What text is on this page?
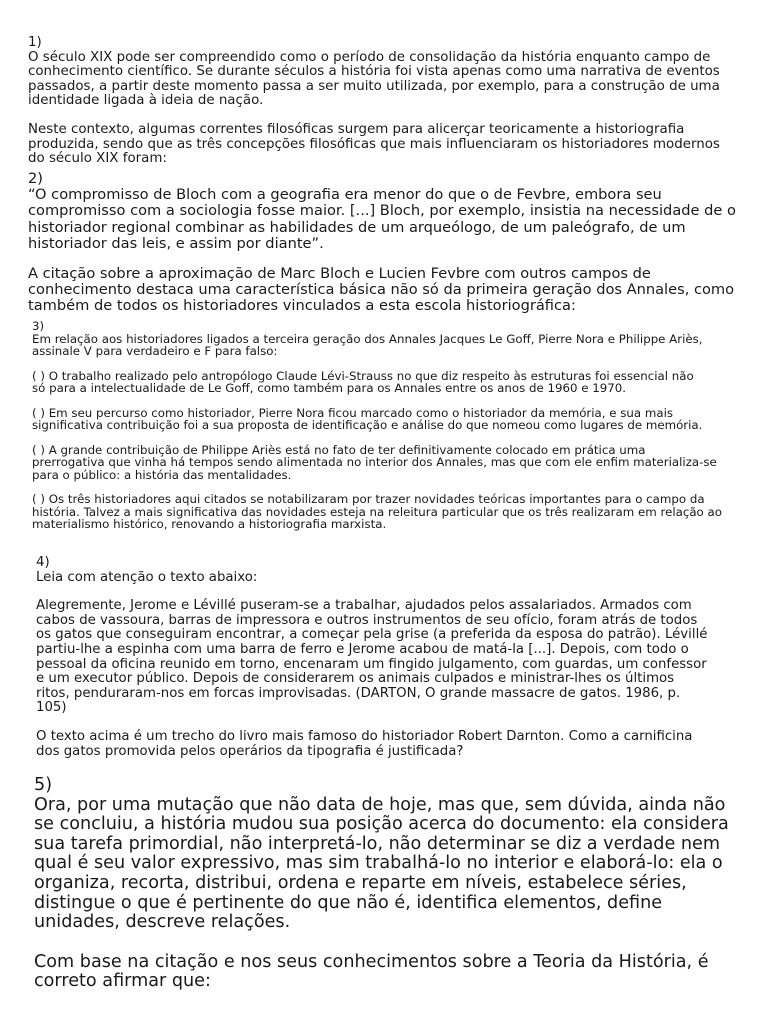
1)

O século XIX pode ser compreendido como o período de consolidação da história enquanto campo de
conhecimento científico. Se durante séculos a história foi vista apenas como uma narrativa de eventos
passados, a partir deste momento passa a ser muito utilizada, por exemplo, para a construção de uma
identidade ligada à ideia de nação.

Neste contexto, algumas correntes filosóficas surgem para alicerçar teoricamente a historiografia
produzida, sendo que as três concepções filosóficas que mais influenciaram os historiadores modernos
do século XIX foram:

2)

“O compromisso de Bloch com a geografia era menor do que o de Fevbre, embora seu
compromisso com a sociologia fosse maior. [...] Bloch, por exemplo, insistia na necessidade de o
historiador regional combinar as habilidades de um arqueólogo, de um paleógrafo, de um
historiador das leis, e assim por diante”.

A citação sobre a aproximação de Marc Bloch e Lucien Fevbre com outros campos de
conhecimento destaca uma característica básica não só da primeira geração dos Annales, como
também de todos os historiadores vinculados a esta escola historiográfica:

3)

Em relação aos historiadores ligados a terceira geração dos Annales Jacques Le Goff, Pierre Nora e Philippe Ariès,
assinale V para verdadeiro e F para falso:

( ) O trabalho realizado pelo antropólogo Claude Lévi-Strauss no que diz respeito às estruturas foi essencial não
só para a intelectualidade de Le Goff, como também para os Annales entre os anos de 1960 e 1970.

( ) Em seu percurso como historiador, Pierre Nora ficou marcado como o historiador da memória, e sua mais
significativa contribuição foi a sua proposta de identificação e análise do que nomeou como lugares de memória.

( ) A grande contribuição de Philippe Ariès está no fato de ter definitivamente colocado em prática uma
prerrogativa que vinha há tempos sendo alimentada no interior dos Annales, mas que com ele enfim materializa-se
para o público: a história das mentalidades.

( ) Os três historiadores aqui citados se notabilizaram por trazer novidades teóricas importantes para o campo da
história. Talvez a mais significativa das novidades esteja na releitura particular que os três realizaram em relação ao
materialismo histórico, renovando a historiografia marxista.

4)

Leia com atenção o texto abaixo:

Alegremente, Jerome e Lévillé puseram-se a trabalhar, ajudados pelos assalariados. Armados com
cabos de vassoura, barras de impressora e outros instrumentos de seu ofício, foram atrás de todos
os gatos que conseguiram encontrar, a começar pela grise (a preferida da esposa do patrão). Lévillé
partiu-lhe a espinha com uma barra de ferro e Jerome acabou de matá-la [...]. Depois, com todo o
pessoal da oficina reunido em torno, encenaram um fingido julgamento, com guardas, um confessor
e um executor público. Depois de considerarem os animais culpados e ministrar-lhes os últimos
ritos, penduraram-nos em forcas improvisadas. (DARTON, O grande massacre de gatos. 1986, p.
105)

O texto acima é um trecho do livro mais famoso do historiador Robert Darnton. Como a carnificina
dos gatos promovida pelos operários da tipografia é justificada?

5)

Ora, por uma mutação que não data de hoje, mas que, sem dúvida, ainda não
se concluiu, a história mudou sua posição acerca do documento: ela considera
sua tarefa primordial, não interpretá-lo, não determinar se diz a verdade nem
qual é seu valor expressivo, mas sim trabalhá-lo no interior e elaborá-lo: ela o
organiza, recorta, distribui, ordena e reparte em níveis, estabelece séries,
distingue o que é pertinente do que não é, identifica elementos, define
unidades, descreve relações.

Com base na citação e nos seus conhecimentos sobre a Teoria da História, é
correto afirmar que:
